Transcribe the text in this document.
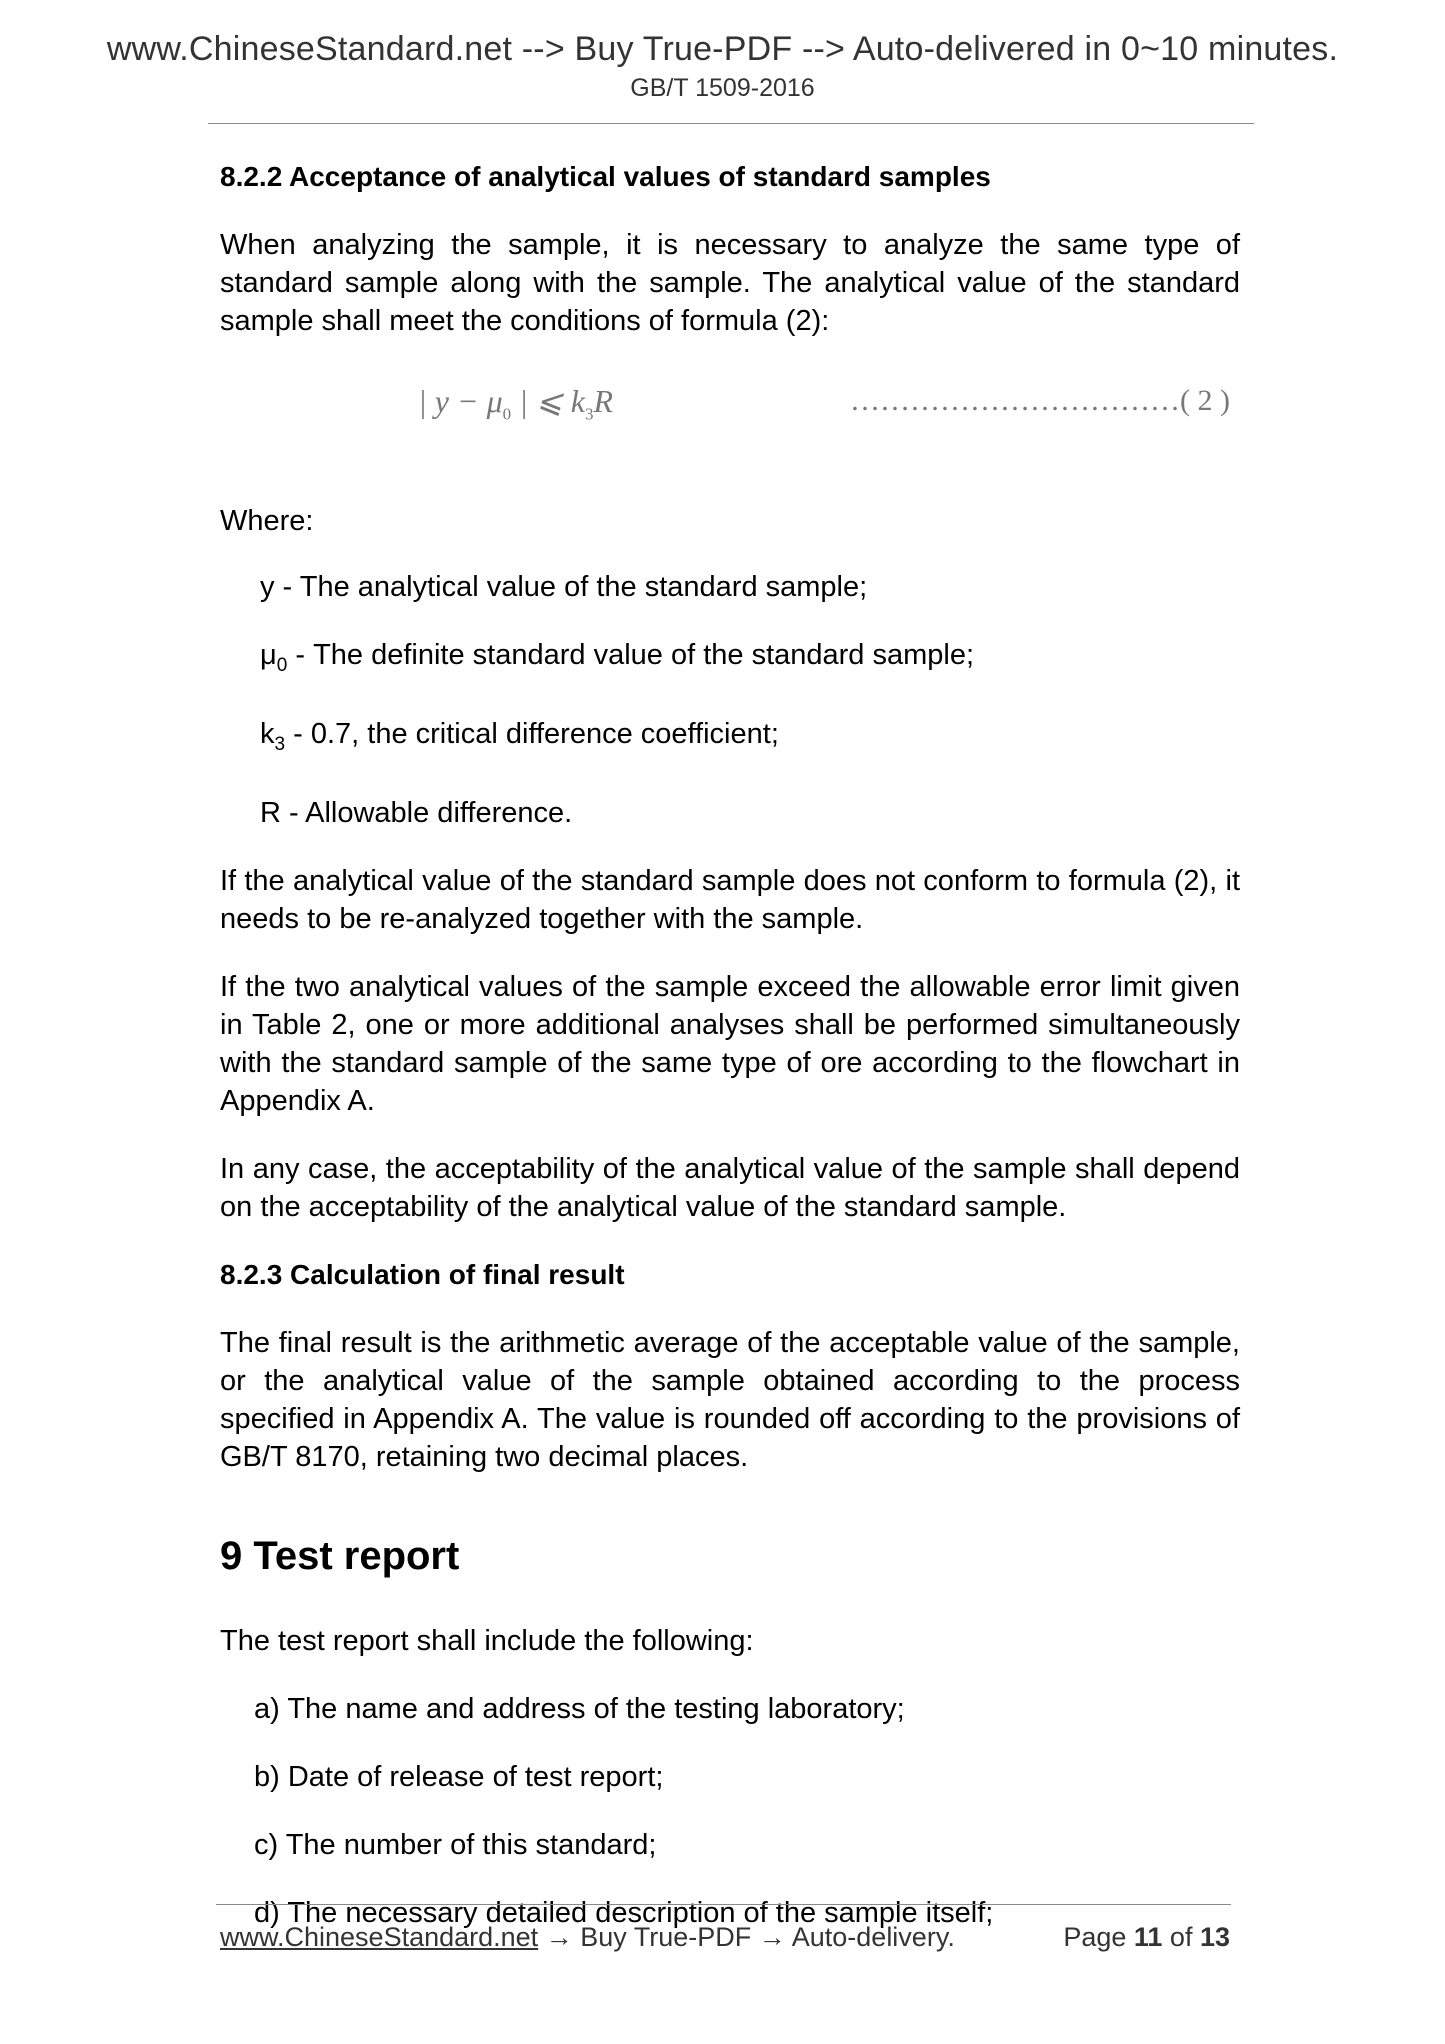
www.ChineseStandard.net --> Buy True-PDF --> Auto-delivered in 0~10 minutes.
GB/T 1509-2016
8.2.2 Acceptance of analytical values of standard samples
When analyzing the sample, it is necessary to analyze the same type of standard sample along with the sample. The analytical value of the standard sample shall meet the conditions of formula (2):
| $y - \mu_0$ | ⩽ $k_3R$	……………………………( 2 )
Where:
y - The analytical value of the standard sample;
$\mu_0$ - The definite standard value of the standard sample;
$k_3 - 0.7$, the critical difference coefficient;
R - Allowable difference.
If the analytical value of the standard sample does not conform to formula (2), it needs to be re-analyzed together with the sample.
If the two analytical values of the sample exceed the allowable error limit given in Table 2, one or more additional analyses shall be performed simultaneously with the standard sample of the same type of ore according to the flowchart in Appendix A.
In any case, the acceptability of the analytical value of the sample shall depend on the acceptability of the analytical value of the standard sample.
8.2.3 Calculation of final result
The final result is the arithmetic average of the acceptable value of the sample, or the analytical value of the sample obtained according to the process specified in Appendix A. The value is rounded off according to the provisions of GB/T 8170, retaining two decimal places.
9 Test report
The test report shall include the following:
a) The name and address of the testing laboratory;
b) Date of release of test report;
c) The number of this standard;
d) The necessary detailed description of the sample itself;
www.ChineseStandard.net → Buy True-PDF → Auto-delivery.	Page 11 of 13
